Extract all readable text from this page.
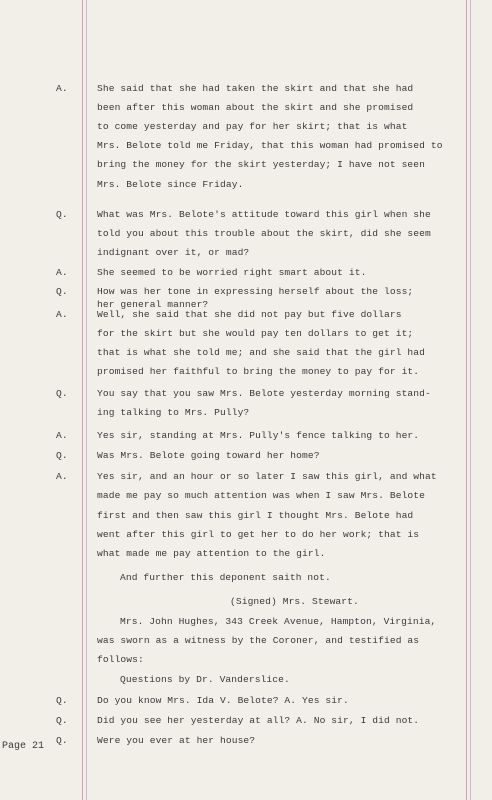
A.	She said that she had taken the skirt and that she had
been after this woman about the skirt and she promised
to come yesterday and pay for her skirt; that is what
Mrs. Belote told me Friday, that this woman had promised to
bring the money for the skirt yesterday; I have not seen
Mrs. Belote since Friday.
Q.	What was Mrs. Belote's attitude toward this girl when she
told you about this trouble about the skirt, did she seem
indignant over it, or mad?
A.	She seemed to be worried right smart about it.
Q.	How was her tone in expressing herself about the loss;
her general manner?
A.	Well, she said that she did not pay but five dollars
for the skirt but she would pay ten dollars to get it;
that is what she told me; and she said that the girl had
promised her faithful to bring the money to pay for it.
Q.	You say that you saw Mrs. Belote yesterday morning stand-
ing talking to Mrs. Pully?
A.	Yes sir, standing at Mrs. Pully's fence talking to her.
Q.	Was Mrs. Belote going toward her home?
A.	Yes sir, and an hour or so later I saw this girl, and what
made me pay so much attention was when I saw Mrs. Belote
first and then saw this girl I thought Mrs. Belote had
went after this girl to get her to do her work; that is
what made me pay attention to the girl.
And further this deponent saith not.
(Signed) Mrs. Stewart.
Mrs. John Hughes, 343 Creek Avenue, Hampton, Virginia,
was sworn as a witness by the Coroner, and testified as
follows:
Questions by Dr. Vanderslice.
Q.	Do you know Mrs. Ida V. Belote? A. Yes sir.
Q.	Did you see her yesterday at all? A. No sir, I did not.
Q.	Were you ever at her house?
Page 21
